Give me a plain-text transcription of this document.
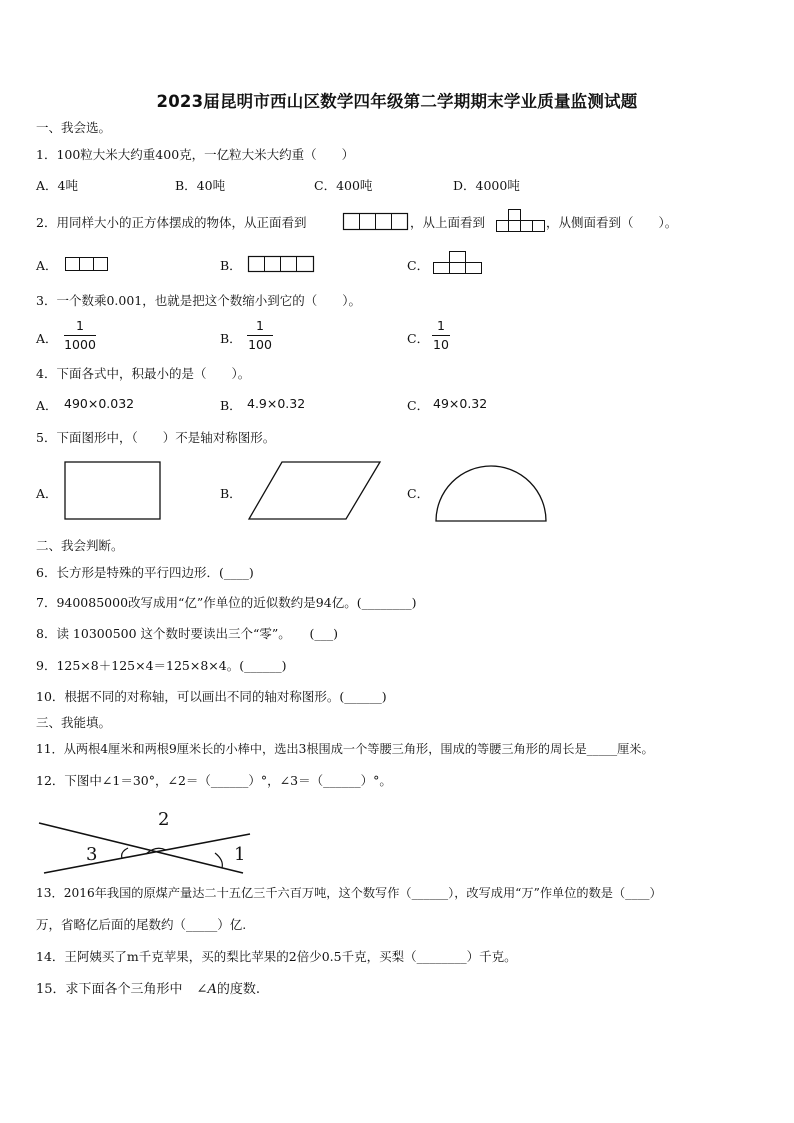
2023届昆明市西山区数学四年级第二学期期末学业质量监测试题
一、我会选。
1．100粒大米大约重400克，一亿粒大米大约重（　　）
A．4吨	B．40吨	C．400吨	D．4000吨
2．用同样大小的正方体摆成的物体，从正面看到	，从上面看到	，从侧面看到（　　）。
A．	B．	C．
3．一个数乘0.001，也就是把这个数缩小到它的（　　）。
A．
1
1000	B．
1
100	C．
1
10
4．下面各式中，积最小的是（　　）。
A． 490×0.032	B． 4.9×0.32	C． 49×0.32
5．下面图形中，（　　）不是轴对称图形。
A．	B．	C．
二、我会判断。
6．长方形是特殊的平行四边形．(____)
7．940085000改写成用“亿”作单位的近似数约是94亿。(________)
8．读 10300500 这个数时要读出三个“零”。　　(___)
9．125×8＋125×4＝125×8×4。(______)
10．根据不同的对称轴，可以画出不同的轴对称图形。(______)
三、我能填。
11．从两根4厘米和两根9厘米长的小棒中，选出3根围成一个等腰三角形，围成的等腰三角形的周长是_____厘米。
12．下图中∠1＝30°，∠2＝（______）°，∠3＝（______）°。
2
3	1
13．2016年我国的原煤产量达二十五亿三千六百万吨，这个数写作（______），改写成用“万”作单位的数是（____）
万，省略亿后面的尾数约（_____）亿.
14．王阿姨买了m千克苹果，买的梨比苹果的2倍少0.5千克，买梨（________）千克。
15．求下面各个三角形中 ∠A的度数.
